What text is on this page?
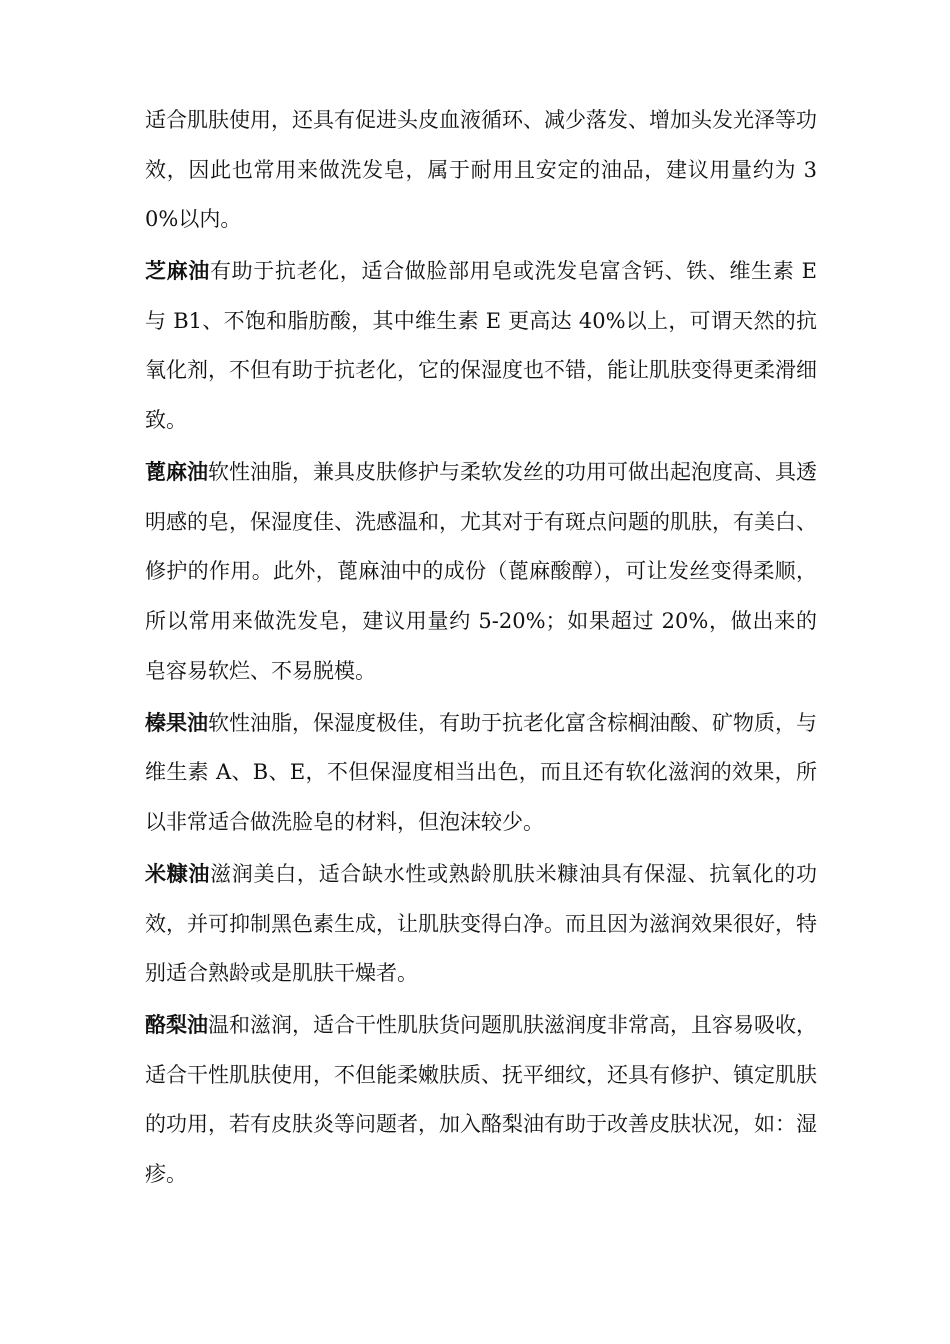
适合肌肤使用，还具有促进头皮血液循环、减少落发、增加头发光泽等功效，因此也常用来做洗发皂，属于耐用且安定的油品，建议用量约为 30%以内。

芝麻油有助于抗老化，适合做脸部用皂或洗发皂富含钙、铁、维生素 E 与 B1、不饱和脂肪酸，其中维生素 E 更高达 40%以上，可谓天然的抗氧化剂，不但有助于抗老化，它的保湿度也不错，能让肌肤变得更柔滑细致。

蓖麻油软性油脂，兼具皮肤修护与柔软发丝的功用可做出起泡度高、具透明感的皂，保湿度佳、洗感温和，尤其对于有斑点问题的肌肤，有美白、修护的作用。此外，蓖麻油中的成份（蓖麻酸醇），可让发丝变得柔顺，所以常用来做洗发皂，建议用量约 5-20%；如果超过 20%，做出来的皂容易软烂、不易脱模。

榛果油软性油脂，保湿度极佳，有助于抗老化富含棕榈油酸、矿物质，与维生素 A、B、E，不但保湿度相当出色，而且还有软化滋润的效果，所以非常适合做洗脸皂的材料，但泡沫较少。

米糠油滋润美白，适合缺水性或熟龄肌肤米糠油具有保湿、抗氧化的功效，并可抑制黑色素生成，让肌肤变得白净。而且因为滋润效果很好，特别适合熟龄或是肌肤干燥者。

酪梨油温和滋润，适合干性肌肤货问题肌肤滋润度非常高，且容易吸收，适合干性肌肤使用，不但能柔嫩肤质、抚平细纹，还具有修护、镇定肌肤的功用，若有皮肤炎等问题者，加入酪梨油有助于改善皮肤状况，如：湿疹。
